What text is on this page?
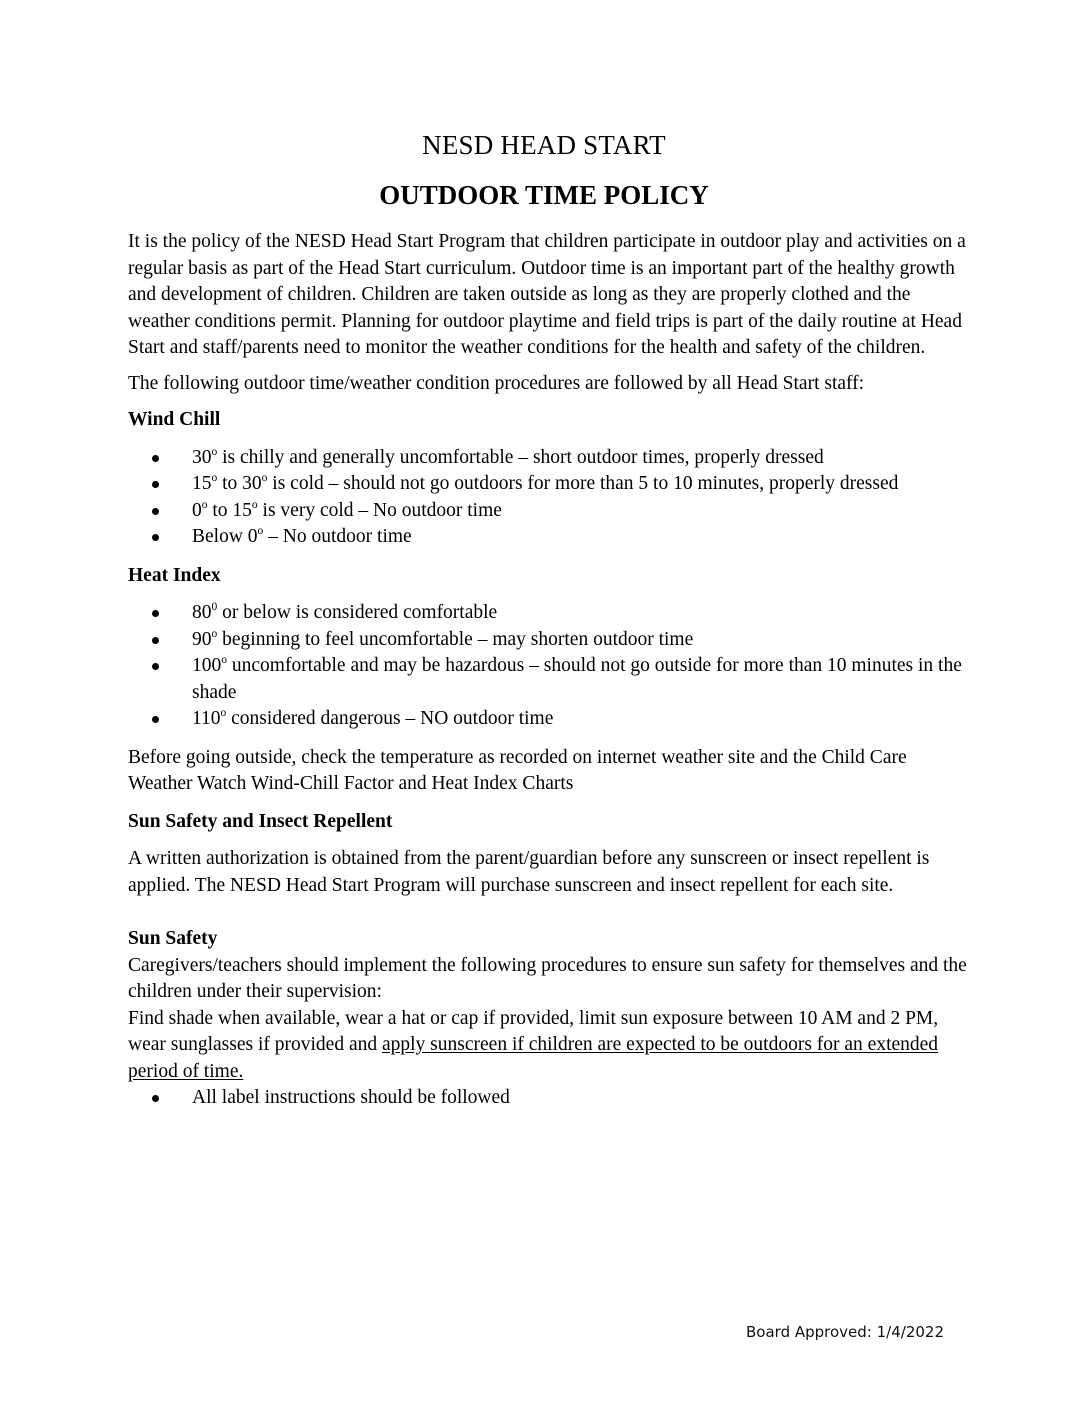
NESD HEAD START
OUTDOOR TIME POLICY

It is the policy of the NESD Head Start Program that children participate in outdoor play and activities on a regular basis as part of the Head Start curriculum. Outdoor time is an important part of the healthy growth and development of children. Children are taken outside as long as they are properly clothed and the weather conditions permit. Planning for outdoor playtime and field trips is part of the daily routine at Head Start and staff/parents need to monitor the weather conditions for the health and safety of the children.

The following outdoor time/weather condition procedures are followed by all Head Start staff:

Wind Chill

30$^o$ is chilly and generally uncomfortable – short outdoor times, properly dressed
15$^o$ to 30$^o$ is cold – should not go outdoors for more than 5 to 10 minutes, properly dressed
0$^o$ to 15$^o$ is very cold – No outdoor time
Below 0$^o$ – No outdoor time

Heat Index

$80^0$ or below is considered comfortable
90$^o$ beginning to feel uncomfortable – may shorten outdoor time
100$^o$ uncomfortable and may be hazardous – should not go outside for more than 10 minutes in the shade
110$^o$ considered dangerous – NO outdoor time

Before going outside, check the temperature as recorded on internet weather site and the Child Care Weather Watch Wind-Chill Factor and Heat Index Charts

Sun Safety and Insect Repellent

A written authorization is obtained from the parent/guardian before any sunscreen or insect repellent is applied. The NESD Head Start Program will purchase sunscreen and insect repellent for each site.

Sun Safety

Caregivers/teachers should implement the following procedures to ensure sun safety for themselves and the children under their supervision:

Find shade when available, wear a hat or cap if provided, limit sun exposure between 10 AM and 2 PM, wear sunglasses if provided and apply sunscreen if children are expected to be outdoors for an extended period of time.

All label instructions should be followed
Board Approved: 1/4/2022
